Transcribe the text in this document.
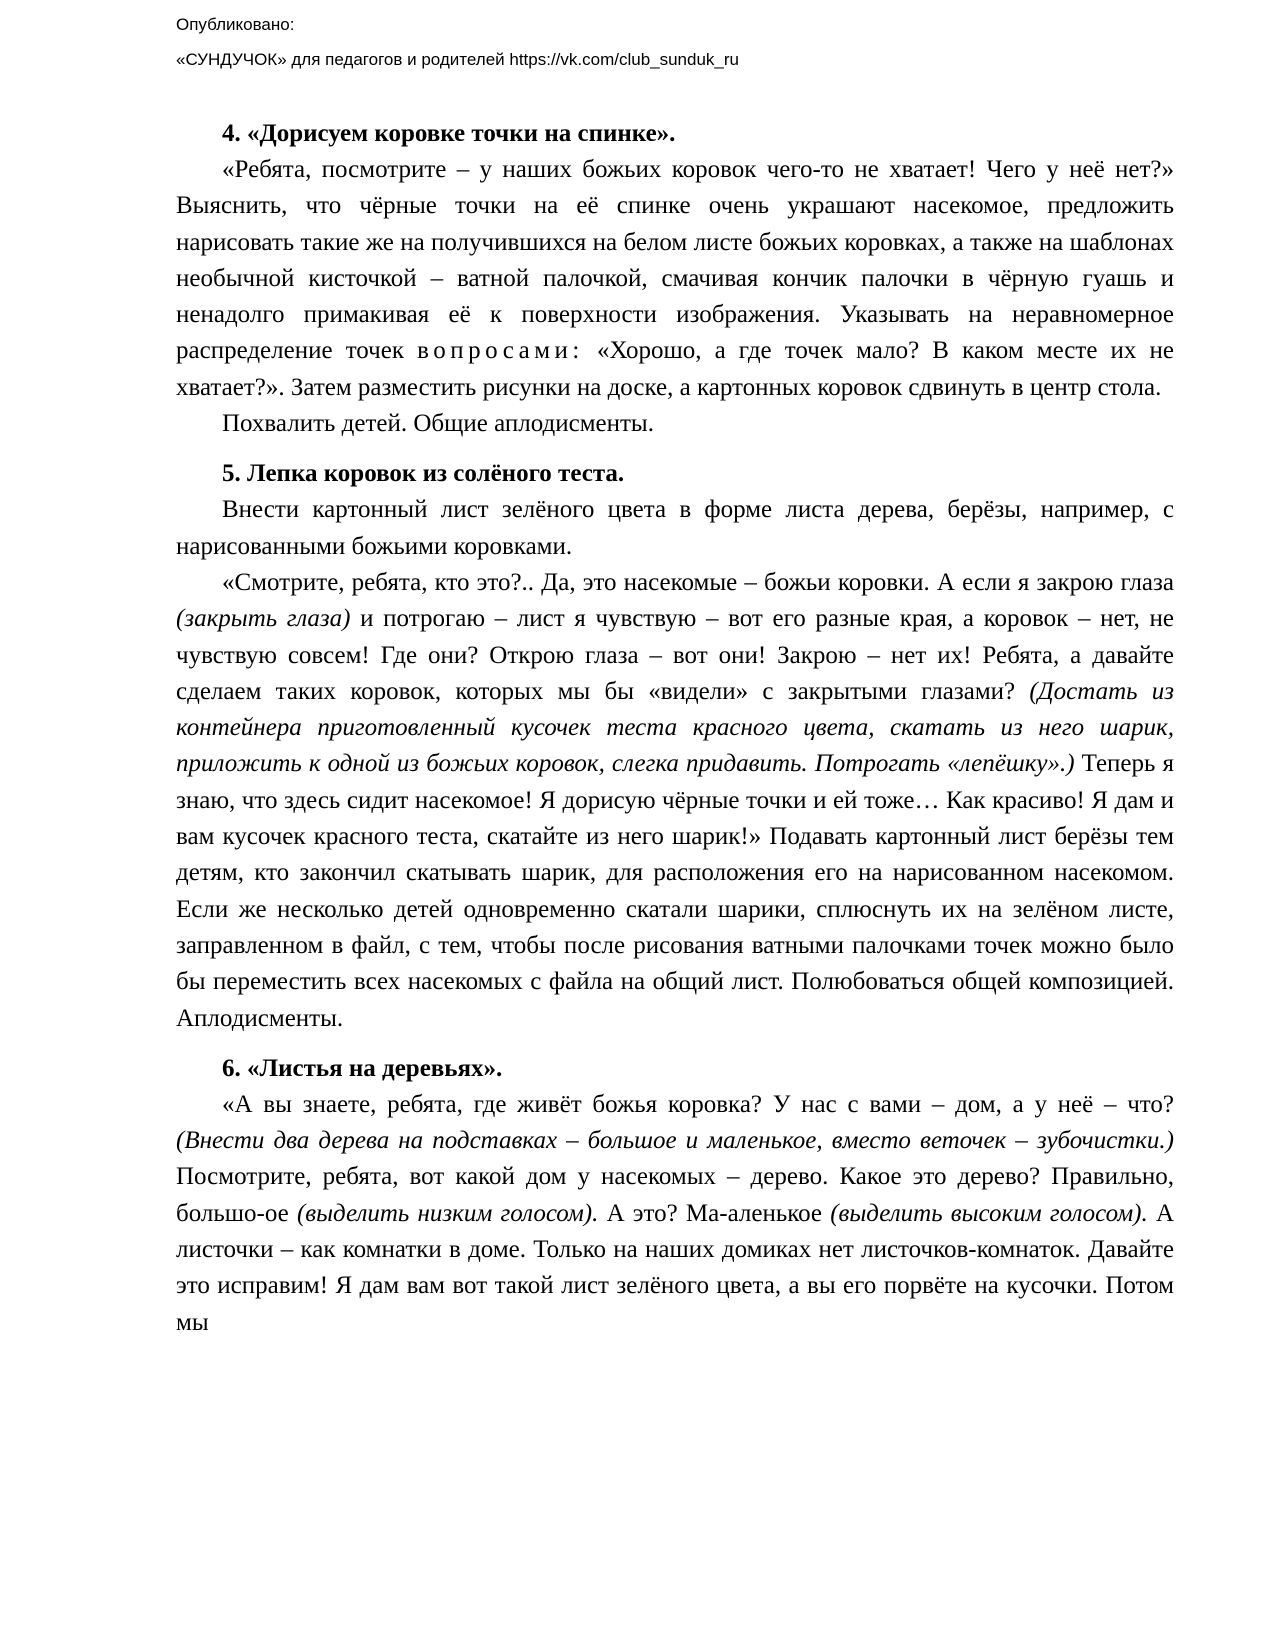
Опубликовано:
«СУНДУЧОК» для педагогов и родителей https://vk.com/club_sunduk_ru
4. «Дорисуем коровке точки на спинке».

«Ребята, посмотрите – у наших божьих коровок чего-то не хватает! Чего у неё нет?» Выяснить, что чёрные точки на её спинке очень украшают насекомое, предложить нарисовать такие же на получившихся на белом листе божьих коровках, а также на шаблонах необычной кисточкой – ватной палочкой, смачивая кончик палочки в чёрную гуашь и ненадолго примакивая её к поверхности изображения. Указывать на неравномерное распределение точек вопросами: «Хорошо, а где точек мало? В каком месте их не хватает?». Затем разместить рисунки на доске, а картонных коровок сдвинуть в центр стола.

Похвалить детей. Общие аплодисменты.

5. Лепка коровок из солёного теста.

Внести картонный лист зелёного цвета в форме листа дерева, берёзы, например, с нарисованными божьими коровками.

«Смотрите, ребята, кто это?.. Да, это насекомые – божьи коровки. А если я закрою глаза (закрыть глаза) и потрогаю – лист я чувствую – вот его разные края, а коровок – нет, не чувствую совсем! Где они? Открою глаза – вот они! Закрою – нет их! Ребята, а давайте сделаем таких коровок, которых мы бы «видели» с закрытыми глазами? (Достать из контейнера приготовленный кусочек теста красного цвета, скатать из него шарик, приложить к одной из божьих коровок, слегка придавить. Потрогать «лепёшку».) Теперь я знаю, что здесь сидит насекомое! Я дорисую чёрные точки и ей тоже… Как красиво! Я дам и вам кусочек красного теста, скатайте из него шарик!» Подавать картонный лист берёзы тем детям, кто закончил скатывать шарик, для расположения его на нарисованном насекомом. Если же несколько детей одновременно скатали шарики, сплюснуть их на зелёном листе, заправленном в файл, с тем, чтобы после рисования ватными палочками точек можно было бы переместить всех насекомых с файла на общий лист. Полюбоваться общей композицией. Аплодисменты.

6. «Листья на деревьях».

«А вы знаете, ребята, где живёт божья коровка? У нас с вами – дом, а у неё – что? (Внести два дерева на подставках – большое и маленькое, вместо веточек – зубочистки.) Посмотрите, ребята, вот какой дом у насекомых – дерево. Какое это дерево? Правильно, большо-ое (выделить низким голосом). А это? Ма-аленькое (выделить высоким голосом). А листочки – как комнатки в доме. Только на наших домиках нет листочков-комнаток. Давайте это исправим! Я дам вам вот такой лист зелёного цвета, а вы его порвёте на кусочки. Потом мы
